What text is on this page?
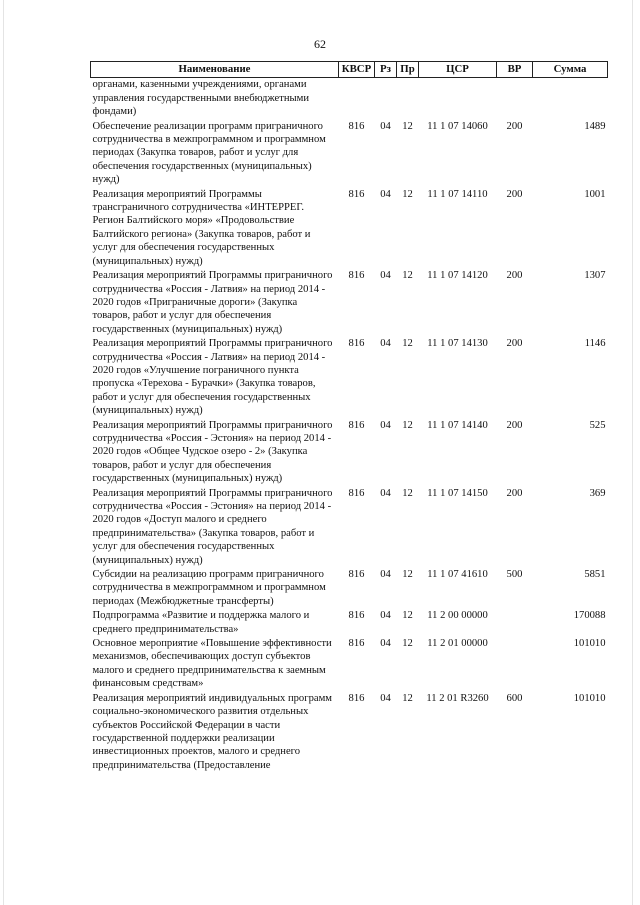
62
Наименование	КВСР	Рз	Пр	ЦСР	ВР	Сумма
органами, казенными учреждениями, органами управления государственными внебюджетными фондами)						
Обеспечение реализации программ приграничного сотрудничества в межпрограммном и программном периодах (Закупка товаров, работ и услуг для обеспечения государственных (муниципальных) нужд)	816	04	12	11 1 07 14060	200	1489
Реализация мероприятий Программы трансграничного сотрудничества «ИНТЕРРЕГ. Регион Балтийского моря» «Продовольствие Балтийского региона» (Закупка товаров, работ и услуг для обеспечения государственных (муниципальных) нужд)	816	04	12	11 1 07 14110	200	1001
Реализация мероприятий Программы приграничного сотрудничества «Россия - Латвия» на период 2014 - 2020 годов «Приграничные дороги» (Закупка товаров, работ и услуг для обеспечения государственных (муниципальных) нужд)	816	04	12	11 1 07 14120	200	1307
Реализация мероприятий Программы приграничного сотрудничества «Россия - Латвия» на период 2014 - 2020 годов «Улучшение пограничного пункта пропуска «Терехова - Бурачки» (Закупка товаров, работ и услуг для обеспечения государственных (муниципальных) нужд)	816	04	12	11 1 07 14130	200	1146
Реализация мероприятий Программы приграничного сотрудничества «Россия - Эстония» на период 2014 - 2020 годов «Общее Чудское озеро - 2» (Закупка товаров, работ и услуг для обеспечения государственных (муниципальных) нужд)	816	04	12	11 1 07 14140	200	525
Реализация мероприятий Программы приграничного сотрудничества «Россия - Эстония» на период 2014 - 2020 годов «Доступ малого и среднего предпринимательства» (Закупка товаров, работ и услуг для обеспечения государственных (муниципальных) нужд)	816	04	12	11 1 07 14150	200	369
Субсидии на реализацию программ приграничного сотрудничества в межпрограммном и программном периодах (Межбюджетные трансферты)	816	04	12	11 1 07 41610	500	5851
Подпрограмма «Развитие и поддержка малого и среднего предпринимательства»	816	04	12	11 2 00 00000		170088
Основное мероприятие «Повышение эффективности механизмов, обеспечивающих доступ субъектов малого и среднего предпринимательства к заемным финансовым средствам»	816	04	12	11 2 01 00000		101010
Реализация мероприятий индивидуальных программ социально-экономического развития отдельных субъектов Российской Федерации в части государственной поддержки реализации инвестиционных проектов, малого и среднего предпринимательства (Предоставление	816	04	12	11 2 01 R3260	600	101010
